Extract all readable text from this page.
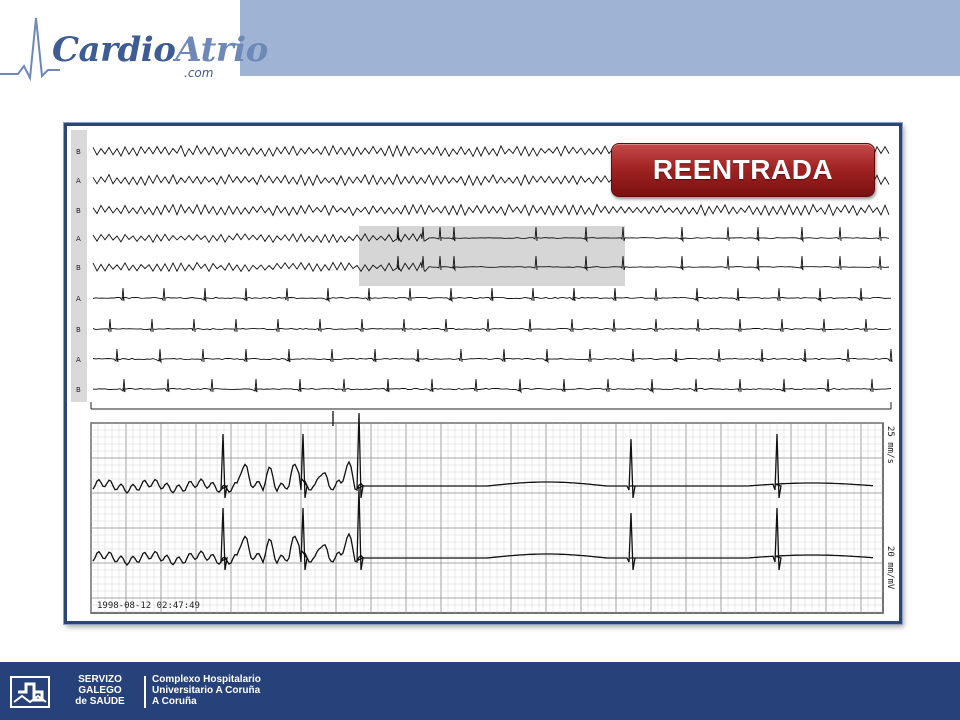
CardioAtrio

.com
B
A
B
A
B
A
B
A
B
1998-08-12 02:47:49
25 mm/s
20 mm/mV
REENTRADA
SERVIZO
GALEGO
de SAÚDE
Complexo Hospitalario
Universitario A Coruña
A Coruña
